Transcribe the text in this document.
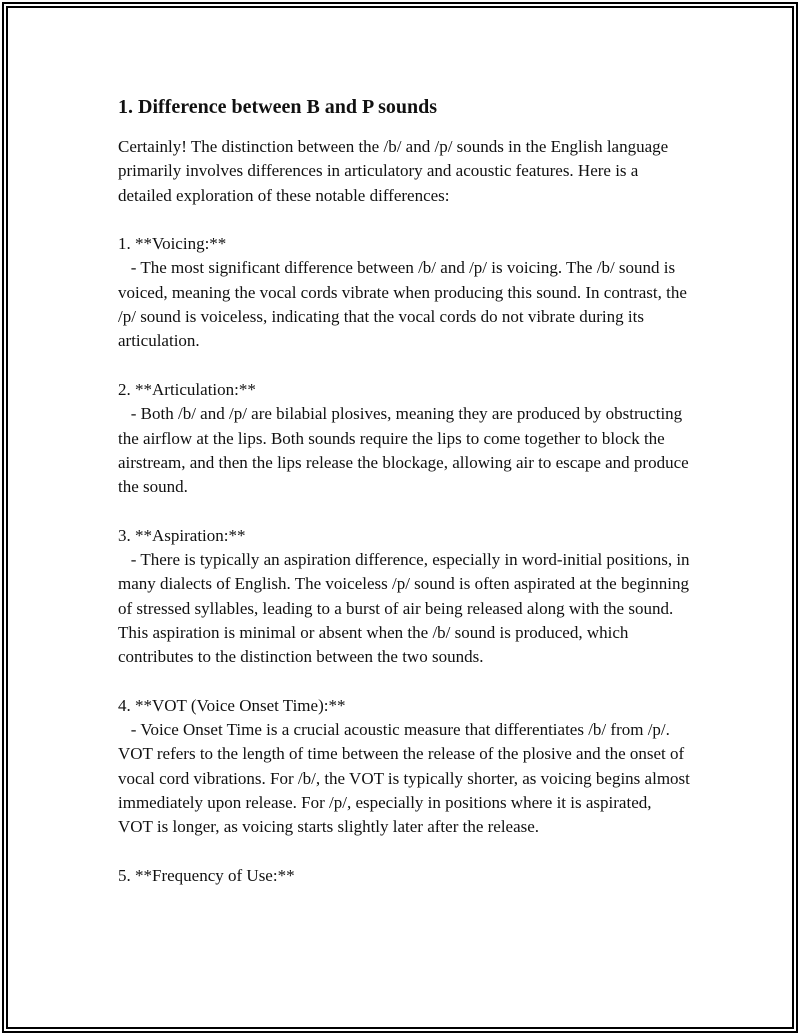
1. Difference between B and P sounds

Certainly! The distinction between the /b/ and /p/ sounds in the English language primarily involves differences in articulatory and acoustic features. Here is a detailed exploration of these notable differences:

1. **Voicing:**

- The most significant difference between /b/ and /p/ is voicing. The /b/ sound is voiced, meaning the vocal cords vibrate when producing this sound. In contrast, the /p/ sound is voiceless, indicating that the vocal cords do not vibrate during its articulation.

2. **Articulation:**

- Both /b/ and /p/ are bilabial plosives, meaning they are produced by obstructing the airflow at the lips. Both sounds require the lips to come together to block the airstream, and then the lips release the blockage, allowing air to escape and produce the sound.

3. **Aspiration:**

- There is typically an aspiration difference, especially in word-initial positions, in many dialects of English. The voiceless /p/ sound is often aspirated at the beginning of stressed syllables, leading to a burst of air being released along with the sound. This aspiration is minimal or absent when the /b/ sound is produced, which contributes to the distinction between the two sounds.

4. **VOT (Voice Onset Time):**

- Voice Onset Time is a crucial acoustic measure that differentiates /b/ from /p/. VOT refers to the length of time between the release of the plosive and the onset of vocal cord vibrations. For /b/, the VOT is typically shorter, as voicing begins almost immediately upon release. For /p/, especially in positions where it is aspirated, VOT is longer, as voicing starts slightly later after the release.

5. **Frequency of Use:**
